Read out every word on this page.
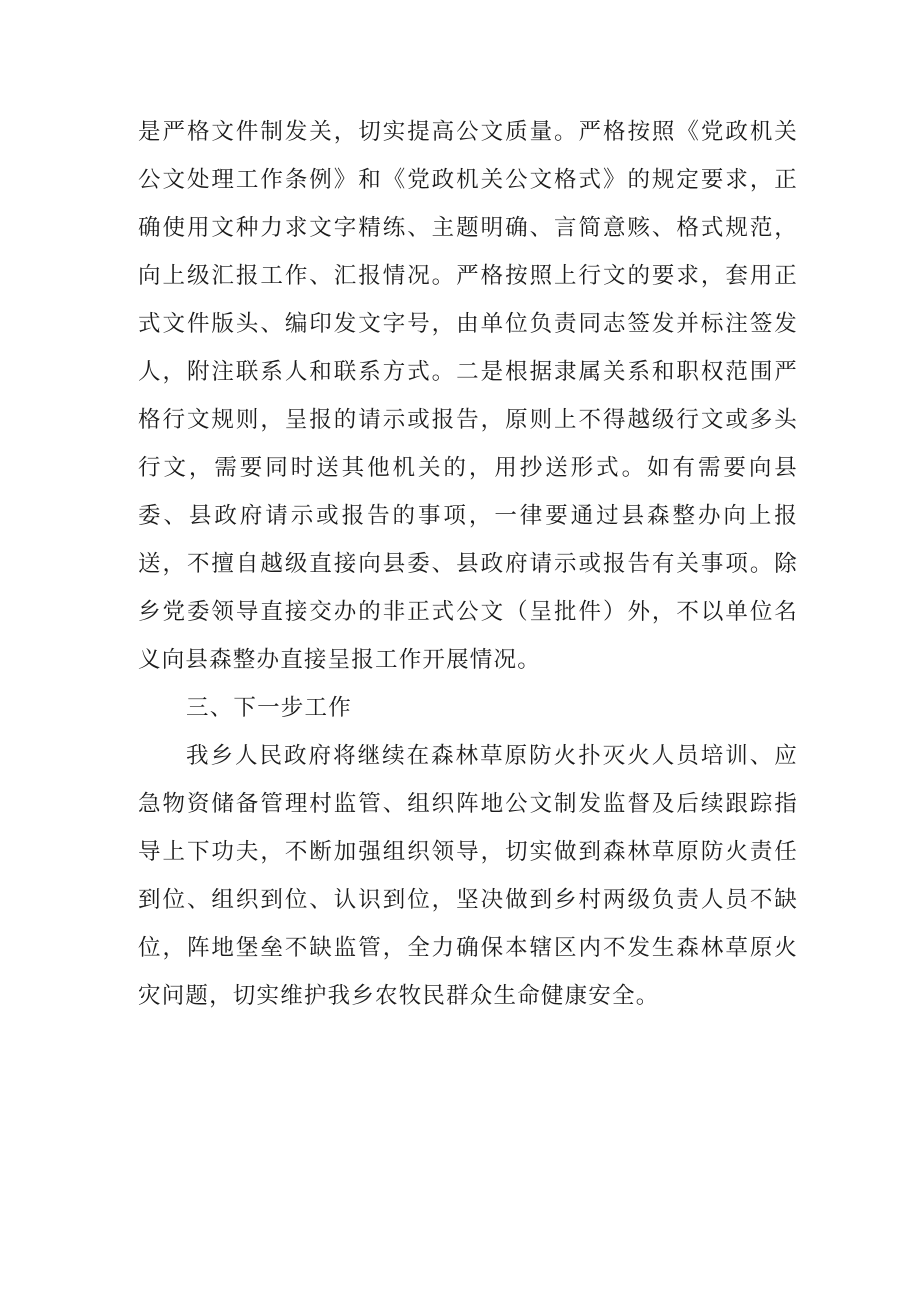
是严格文件制发关，切实提高公文质量。严格按照《党政机关公文处理工作条例》和《党政机关公文格式》的规定要求，正确使用文种力求文字精练、主题明确、言简意赅、格式规范，向上级汇报工作、汇报情况。严格按照上行文的要求，套用正式文件版头、编印发文字号，由单位负责同志签发并标注签发人，附注联系人和联系方式。二是根据隶属关系和职权范围严格行文规则，呈报的请示或报告，原则上不得越级行文或多头行文，需要同时送其他机关的，用抄送形式。如有需要向县委、县政府请示或报告的事项，一律要通过县森整办向上报送，不擅自越级直接向县委、县政府请示或报告有关事项。除乡党委领导直接交办的非正式公文（呈批件）外，不以单位名义向县森整办直接呈报工作开展情况。

三、下一步工作

我乡人民政府将继续在森林草原防火扑灭火人员培训、应急物资储备管理村监管、组织阵地公文制发监督及后续跟踪指导上下功夫，不断加强组织领导，切实做到森林草原防火责任到位、组织到位、认识到位，坚决做到乡村两级负责人员不缺位，阵地堡垒不缺监管，全力确保本辖区内不发生森林草原火灾问题，切实维护我乡农牧民群众生命健康安全。
